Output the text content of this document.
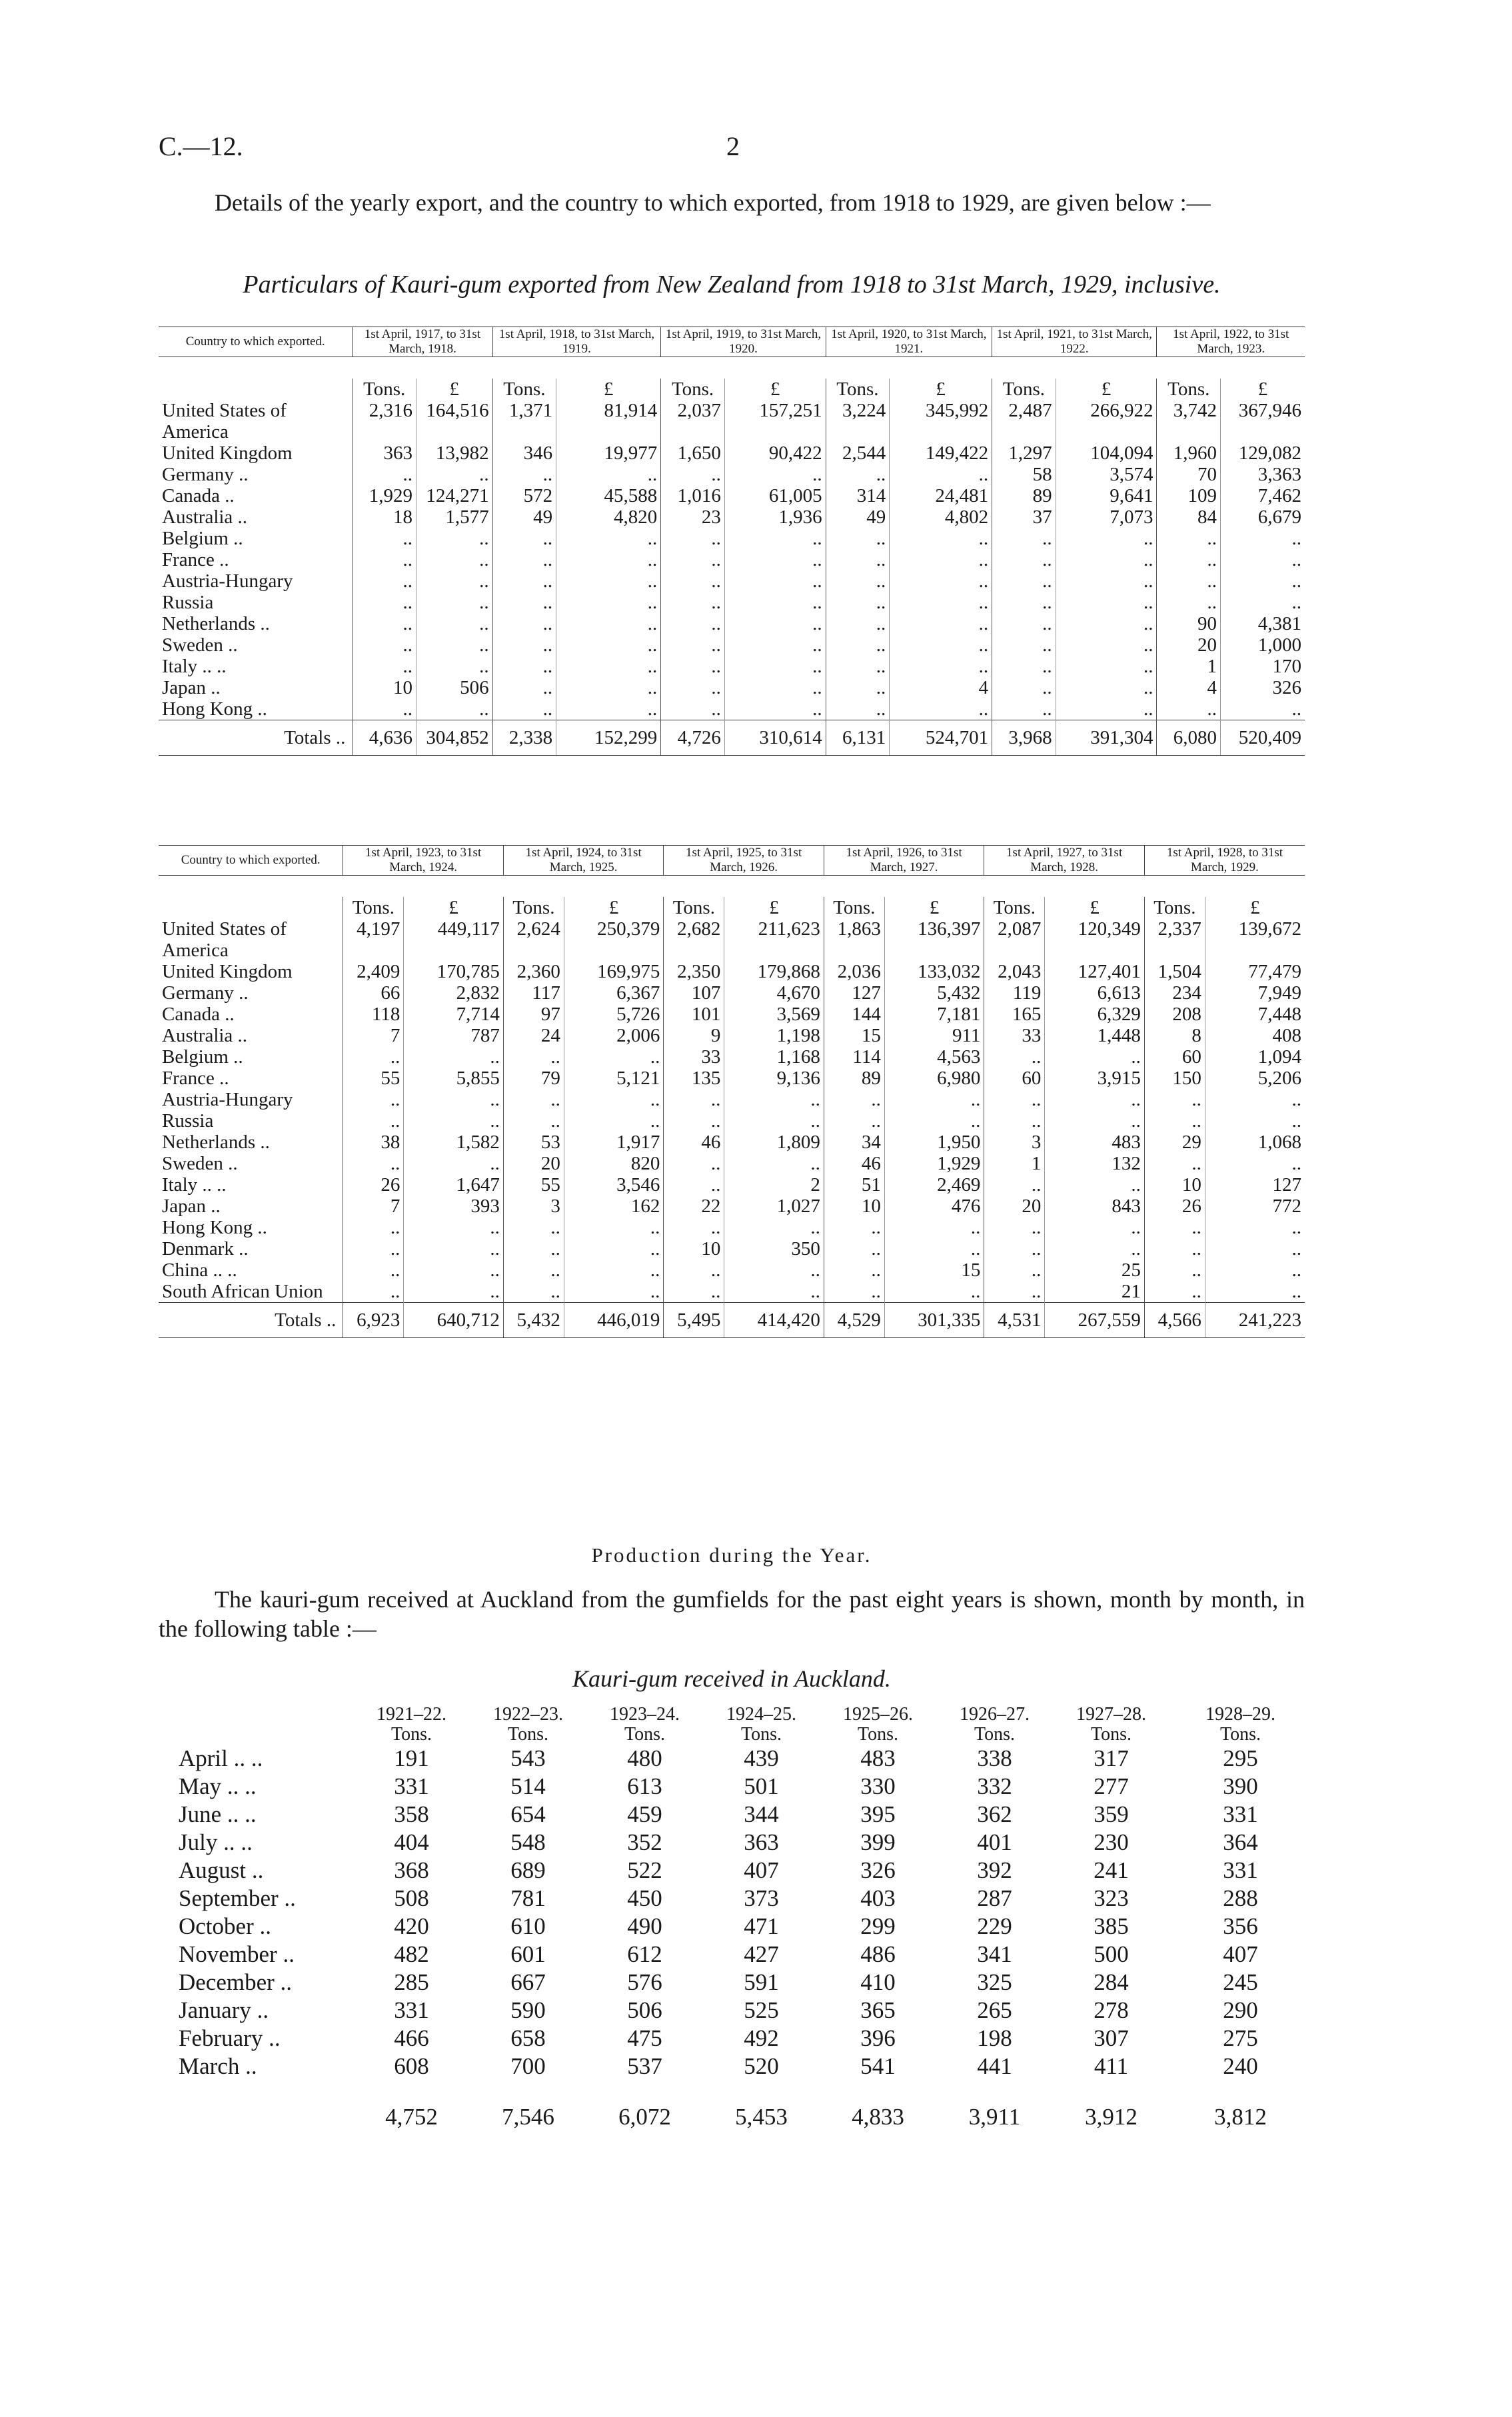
C.—12.	2
Details of the yearly export, and the country to which exported, from 1918 to 1929, are given below :—
Particulars of Kauri-gum exported from New Zealand from 1918 to 31st March, 1929, inclusive.
Country to which exported.	1st April, 1917, to 31st March, 1918.		1st April, 1918, to 31st March, 1919.		1st April, 1919, to 31st March, 1920.		1st April, 1920, to 31st March, 1921.		1st April, 1921, to 31st March, 1922.		1st April, 1922, to 31st March, 1923.	

	Tons.	£	Tons.	£	Tons.	£	Tons.	£	Tons.	£	Tons.	£
United States of America	2,316	164,516	1,371	81,914	2,037	157,251	3,224	345,992	2,487	266,922	3,742	367,946
United Kingdom	363	13,982	346	19,977	1,650	90,422	2,544	149,422	1,297	104,094	1,960	129,082
Germany ..	..	..	..	..	..	..	..	..	58	3,574	70	3,363
Canada ..	1,929	124,271	572	45,588	1,016	61,005	314	24,481	89	9,641	109	7,462
Australia ..	18	1,577	49	4,820	23	1,936	49	4,802	37	7,073	84	6,679
Belgium ..	..	..	..	..	..	..	..	..	..	..	..	..
France ..	..	..	..	..	..	..	..	..	..	..	..	..
Austria-Hungary	..	..	..	..	..	..	..	..	..	..	..	..
Russia	..	..	..	..	..	..	..	..	..	..	..	..
Netherlands ..	..	..	..	..	..	..	..	..	..	..	90	4,381
Sweden ..	..	..	..	..	..	..	..	..	..	..	20	1,000
Italy .. ..	..	..	..	..	..	..	..	..	..	..	1	170
Japan ..	10	506	..	..	..	..	..	4	..	..	4	326
Hong Kong ..	..	..	..	..	..	..	..	..	..	..	..	..
Totals ..	4,636	304,852	2,338	152,299	4,726	310,614	6,131	524,701	3,968	391,304	6,080	520,409
Country to which exported.	1st April, 1923, to 31st March, 1924.		1st April, 1924, to 31st March, 1925.		1st April, 1925, to 31st March, 1926.		1st April, 1926, to 31st March, 1927.		1st April, 1927, to 31st March, 1928.		1st April, 1928, to 31st March, 1929.	

	Tons.	£	Tons.	£	Tons.	£	Tons.	£	Tons.	£	Tons.	£
United States of America	4,197	449,117	2,624	250,379	2,682	211,623	1,863	136,397	2,087	120,349	2,337	139,672
United Kingdom	2,409	170,785	2,360	169,975	2,350	179,868	2,036	133,032	2,043	127,401	1,504	77,479
Germany ..	66	2,832	117	6,367	107	4,670	127	5,432	119	6,613	234	7,949
Canada ..	118	7,714	97	5,726	101	3,569	144	7,181	165	6,329	208	7,448
Australia ..	7	787	24	2,006	9	1,198	15	911	33	1,448	8	408
Belgium ..	..	..	..	..	33	1,168	114	4,563	..	..	60	1,094
France ..	55	5,855	79	5,121	135	9,136	89	6,980	60	3,915	150	5,206
Austria-Hungary	..	..	..	..	..	..	..	..	..	..	..	..
Russia	..	..	..	..	..	..	..	..	..	..	..	..
Netherlands ..	38	1,582	53	1,917	46	1,809	34	1,950	3	483	29	1,068
Sweden ..	..	..	20	820	..	..	46	1,929	1	132	..	..
Italy .. ..	26	1,647	55	3,546	..	2	51	2,469	..	..	10	127
Japan ..	7	393	3	162	22	1,027	10	476	20	843	26	772
Hong Kong ..	..	..	..	..	..	..	..	..	..	..	..	..
Denmark ..	..	..	..	..	10	350	..	..	..	..	..	..
China .. ..	..	..	..	..	..	..	..	15	..	25	..	..
South African Union	..	..	..	..	..	..	..	..	..	21	..	..
Totals ..	6,923	640,712	5,432	446,019	5,495	414,420	4,529	301,335	4,531	267,559	4,566	241,223
Production during the Year.
The kauri-gum received at Auckland from the gumfields for the past eight years is shown, month by month, in the following table :—
Kauri-gum received in Auckland.
	1921–22.	1922–23.	1923–24.	1924–25.	1925–26.	1926–27.	1927–28.	1928–29.
	Tons.	Tons.	Tons.	Tons.	Tons.	Tons.	Tons.	Tons.
April .. ..	191	543	480	439	483	338	317	295
May .. ..	331	514	613	501	330	332	277	390
June .. ..	358	654	459	344	395	362	359	331
July .. ..	404	548	352	363	399	401	230	364
August ..	368	689	522	407	326	392	241	331
September ..	508	781	450	373	403	287	323	288
October ..	420	610	490	471	299	229	385	356
November ..	482	601	612	427	486	341	500	407
December ..	285	667	576	591	410	325	284	245
January ..	331	590	506	525	365	265	278	290
February ..	466	658	475	492	396	198	307	275
March ..	608	700	537	520	541	441	411	240
	4,752	7,546	6,072	5,453	4,833	3,911	3,912	3,812
